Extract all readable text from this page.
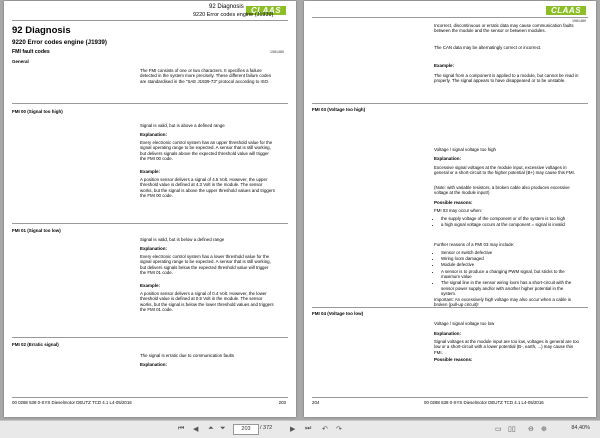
CLAAS
92 Diagnosis
9220 Error codes engine (J1939)
92 Diagnosis
9220 Error codes engine (J1939)
FMI fault codes
General
1981489
The FMI consists of one or two characters. It specifies a failure detected in the system more precisely. These different failure codes are standardised in the "SAE J1939-73" protocol according to ISO.
FMI 00 (Signal too high)
Signal is valid, but is above a defined range
Explanation:
Every electronic control system has an upper threshold value for the signal operating range to be expected. A sensor that is still working, but delivers signals above the expected threshold value will trigger the FMI 00 code.
Example:
A position sensor delivers a signal of 4.5 Volt. However, the upper threshold value is defined at 4.3 Volt in the module. The sensor works, but the signal is above the upper threshold values and triggers the FMI 00 code.
FMI 01 (Signal too low)
Signal is valid, but is below a defined range
Explanation:
Every electronic control system has a lower threshold value for the signal operating range to be expected. A sensor that is still working, but delivers signals below the expected threshold value will trigger the FMI 01 code.
Example:
A position sensor delivers a signal of 0.4 Volt. However, the lower threshold value is defined at 0.5 Volt in the module. The sensor works, but the signal is below the lower threshold values and triggers the FMI 01 code.
FMI 02 (Erratic signal)
The signal is erratic due to communication faults
Explanation:
00 0288 538 0-SYS Dieselmotor DEUTZ TCD 4.1 L4-05/2016	203
CLAAS
1981489
Incorrect, discontinuous or erratic data may cause communication faults between the module and the sensor or between modules.
The CAN data may be alternatingly correct or incorrect.
Example:
The signal from a component is applied to a module, but cannot be read in properly. The signal appears to have disappeared or to be unstable.
FMI 03 (Voltage too high)
Voltage / signal voltage too high
Explanation:
Excessive signal voltages at the module input, excessive voltages in general or a short-circuit to the higher potential (B+) may cause this FMI.
(Note: with variable resistors, a broken cable also produces excessive voltage at the module input!)
Possible reasons:
FMI 03 may occur when:
• the supply voltage of the component or of the system is too high
• a high signal voltage occurs at the component = signal is invalid
Further reasons of a FMI 03 may include:
• Sensor or switch defective
• Wiring loom damaged
• Module defective
• A sensor is to produce a changing PWM signal, but sticks to the maximum value
• The signal line in the sensor wiring loom has a short-circuit with the sensor power supply and/or with another higher potential in the system.
Important: An excessively high voltage may also occur when a cable is broken (pull-up circuit)!
FMI 04 (Voltage too low)
Voltage / signal voltage too low
Explanation:
Signal voltages at the module input are too low, voltages in general are too low or a short-circuit with a lower potential (B-, earth, ...) may cause this FMI.
Possible reasons:
204	00 0288 538 0-SYS Dieselmotor DEUTZ TCD 4.1 L4-05/2016
⏮ ◀ ⏶ ⏷	203	/ 372	▶ ⏭ ↶ ↷	▭ ▯▯ ⊖ ⊕	84,40%
